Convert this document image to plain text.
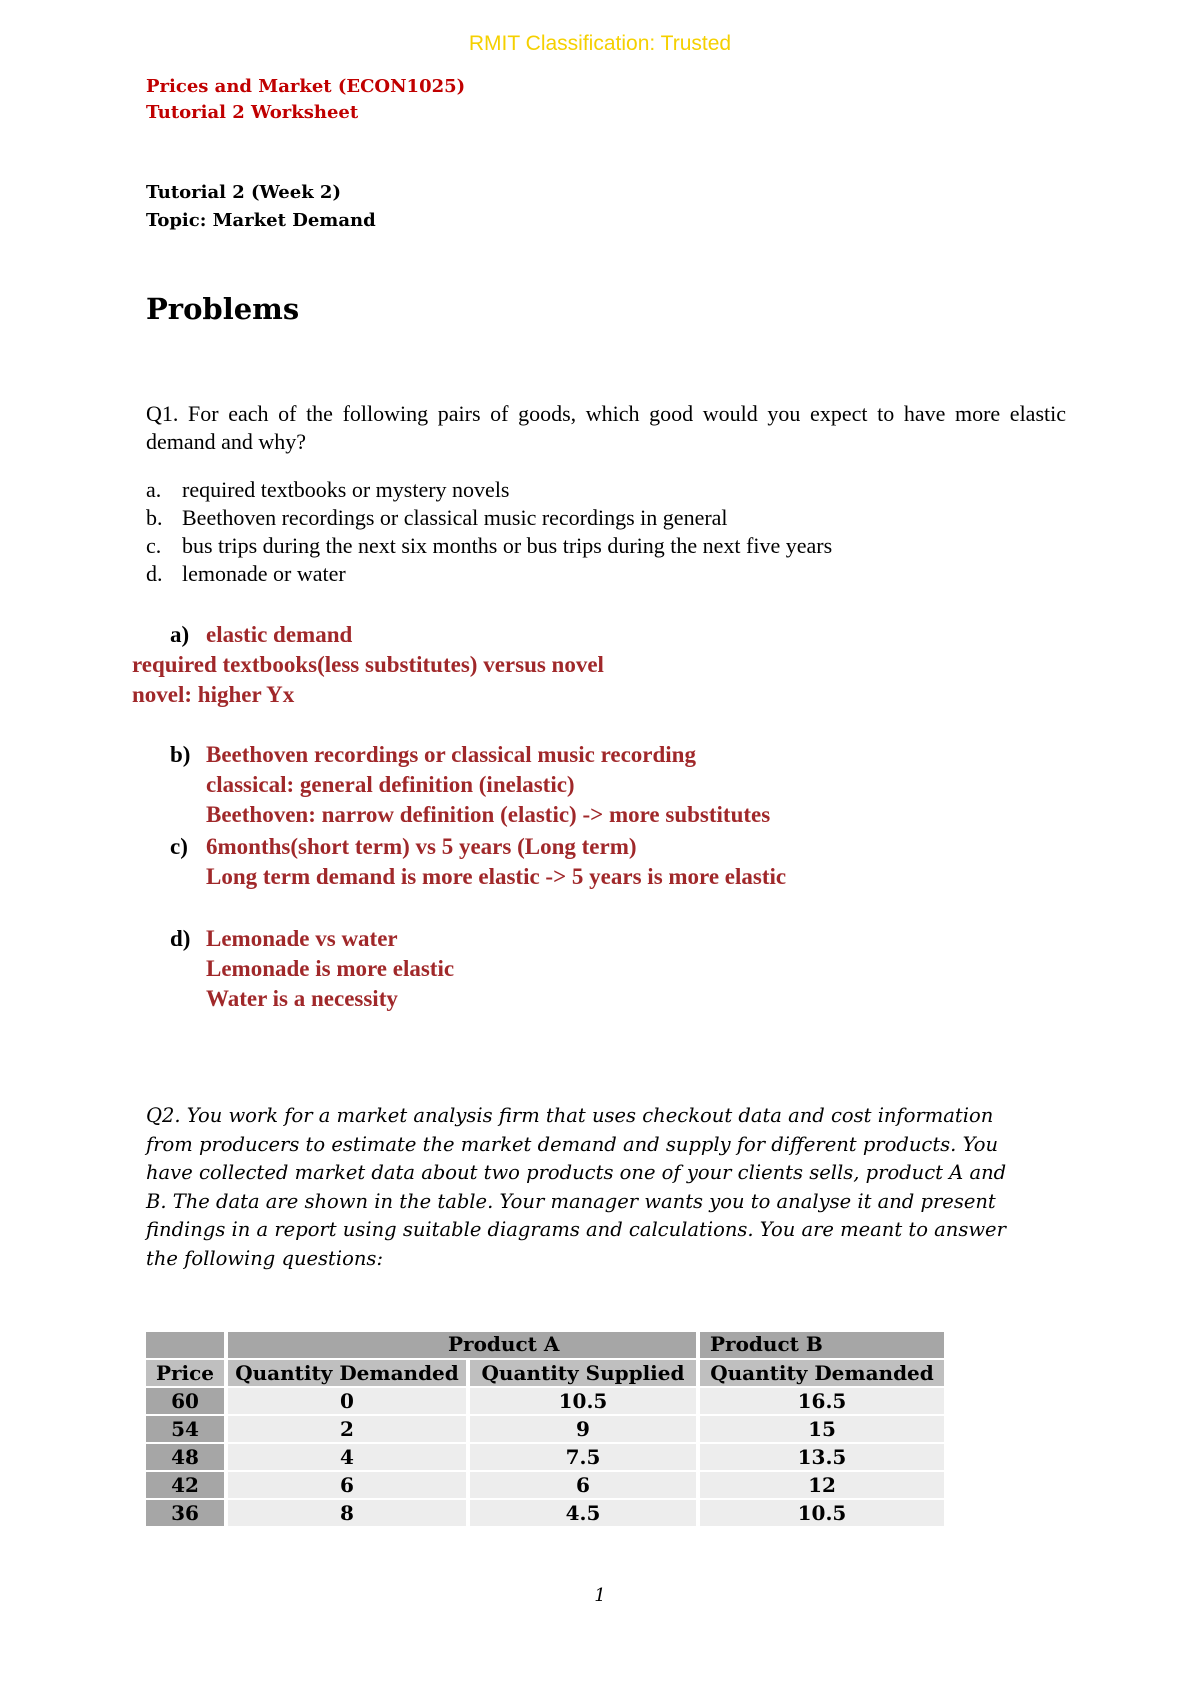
RMIT Classification: Trusted
Prices and Market (ECON1025)
Tutorial 2 Worksheet
Tutorial 2 (Week 2)
Topic: Market Demand
Problems
Q1. For each of the following pairs of goods, which good would you expect to have more elastic demand and why?
a. required textbooks or mystery novels
b. Beethoven recordings or classical music recordings in general
c. bus trips during the next six months or bus trips during the next five years
d. lemonade or water
a) elastic demand
required textbooks(less substitutes) versus novel
novel: higher Yx
b) Beethoven recordings or classical music recording
classical: general definition (inelastic)
Beethoven: narrow definition (elastic) -> more substitutes
c) 6months(short term) vs 5 years (Long term)
Long term demand is more elastic -> 5 years is more elastic
d) Lemonade vs water
Lemonade is more elastic
Water is a necessity
Q2. You work for a market analysis firm that uses checkout data and cost information from producers to estimate the market demand and supply for different products. You have collected market data about two products one of your clients sells, product A and B. The data are shown in the table. Your manager wants you to analyse it and present findings in a report using suitable diagrams and calculations. You are meant to answer the following questions:
		Product A				Product B
Price		Quantity Demanded		Quantity Supplied		Quantity Demanded
60		0		10.5		16.5
54		2		9		15
48		4		7.5		13.5
42		6		6		12
36		8		4.5		10.5
1
